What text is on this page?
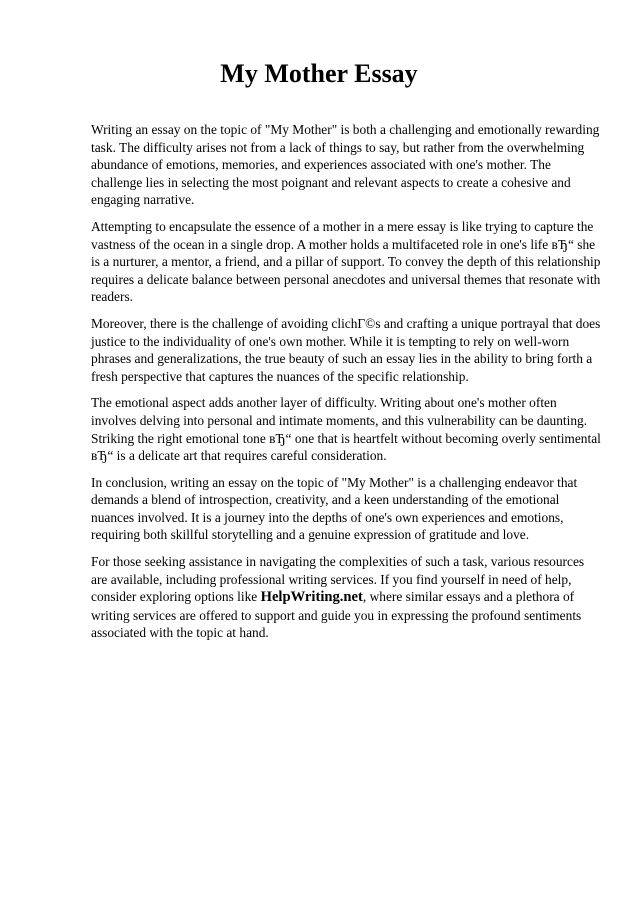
My Mother Essay

Writing an essay on the topic of "My Mother" is both a challenging and emotionally rewarding task. The difficulty arises not from a lack of things to say, but rather from the overwhelming abundance of emotions, memories, and experiences associated with one's mother. The challenge lies in selecting the most poignant and relevant aspects to create a cohesive and engaging narrative.

Attempting to encapsulate the essence of a mother in a mere essay is like trying to capture the vastness of the ocean in a single drop. A mother holds a multifaceted role in one's life вЂ“ she is a nurturer, a mentor, a friend, and a pillar of support. To convey the depth of this relationship requires a delicate balance between personal anecdotes and universal themes that resonate with readers.

Moreover, there is the challenge of avoiding clichГ©s and crafting a unique portrayal that does justice to the individuality of one's own mother. While it is tempting to rely on well-worn phrases and generalizations, the true beauty of such an essay lies in the ability to bring forth a fresh perspective that captures the nuances of the specific relationship.

The emotional aspect adds another layer of difficulty. Writing about one's mother often involves delving into personal and intimate moments, and this vulnerability can be daunting. Striking the right emotional tone вЂ“ one that is heartfelt without becoming overly sentimental вЂ“ is a delicate art that requires careful consideration.

In conclusion, writing an essay on the topic of "My Mother" is a challenging endeavor that demands a blend of introspection, creativity, and a keen understanding of the emotional nuances involved. It is a journey into the depths of one's own experiences and emotions, requiring both skillful storytelling and a genuine expression of gratitude and love.

For those seeking assistance in navigating the complexities of such a task, various resources are available, including professional writing services. If you find yourself in need of help, consider exploring options like HelpWriting.net, where similar essays and a plethora of writing services are offered to support and guide you in expressing the profound sentiments associated with the topic at hand.
